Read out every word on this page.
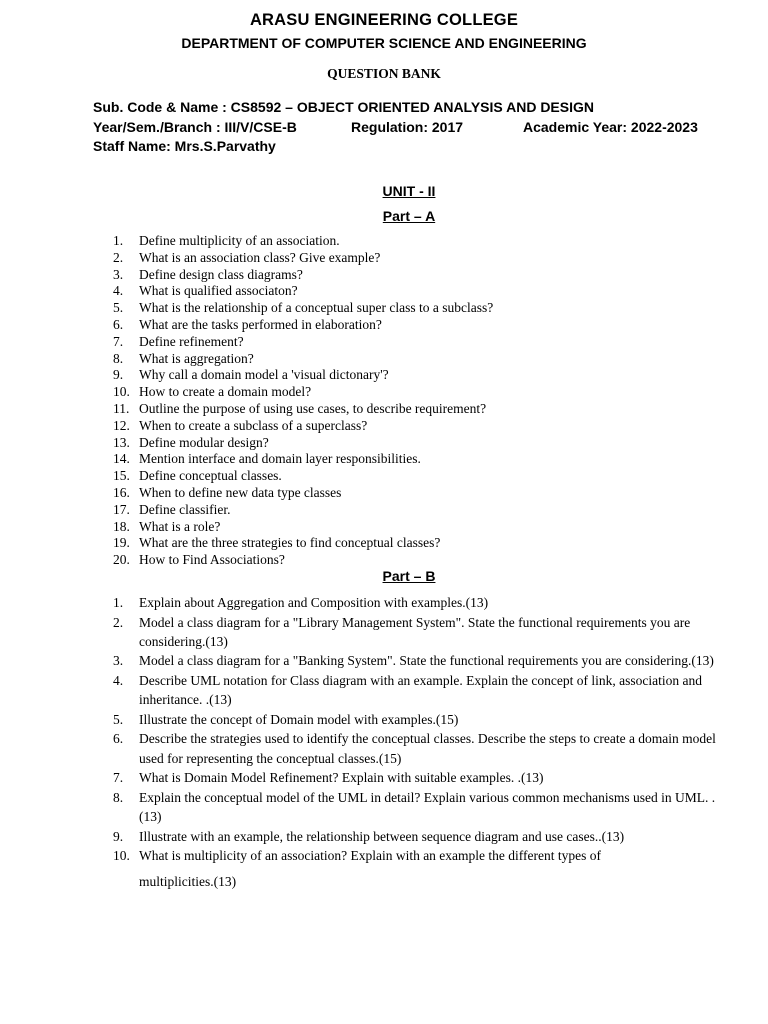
ARASU ENGINEERING COLLEGE
DEPARTMENT OF COMPUTER SCIENCE AND ENGINEERING
QUESTION BANK
Sub. Code & Name : CS8592 – OBJECT ORIENTED ANALYSIS AND DESIGN
Year/Sem./Branch : III/V/CSE-B	Regulation: 2017	Academic Year: 2022-2023
Staff Name: Mrs.S.Parvathy
UNIT - II
Part – A
1.	Define multiplicity of an association.
2.	What is an association class? Give example?
3.	Define design class diagrams?
4.	What is qualified associaton?
5.	What is the relationship of a conceptual super class to a subclass?
6.	What are the tasks performed in elaboration?
7.	Define refinement?
8.	What is aggregation?
9.	Why call a domain model a 'visual dictonary'?
10. How to create a domain model?
11. Outline the purpose of using use cases, to describe requirement?
12. When to create a subclass of a superclass?
13. Define modular design?
14. Mention interface and domain layer responsibilities.
15. Define conceptual classes.
16. When to define new data type classes
17. Define classifier.
18. What is a role?
19. What are the three strategies to find conceptual classes?
20. How to Find Associations?
Part – B
1.	Explain about Aggregation and Composition with examples.(13)
2.	Model a class diagram for a "Library Management System". State the functional requirements you are considering.(13)
3.	Model a class diagram for a "Banking System". State the functional requirements you are considering.(13)
4.	Describe UML notation for Class diagram with an example. Explain the concept of link, association and inheritance. .(13)
5.	Illustrate the concept of Domain model with examples.(15)
6.	Describe the strategies used to identify the conceptual classes. Describe the steps to create a domain model used for representing the conceptual classes.(15)
7.	What is Domain Model Refinement? Explain with suitable examples. .(13)
8.	Explain the conceptual model of the UML in detail? Explain various common mechanisms used in UML. .(13)
9.	Illustrate with an example, the relationship between sequence diagram and use cases..(13)
10. What is multiplicity of an association? Explain with an example the different types of
multiplicities.(13)
